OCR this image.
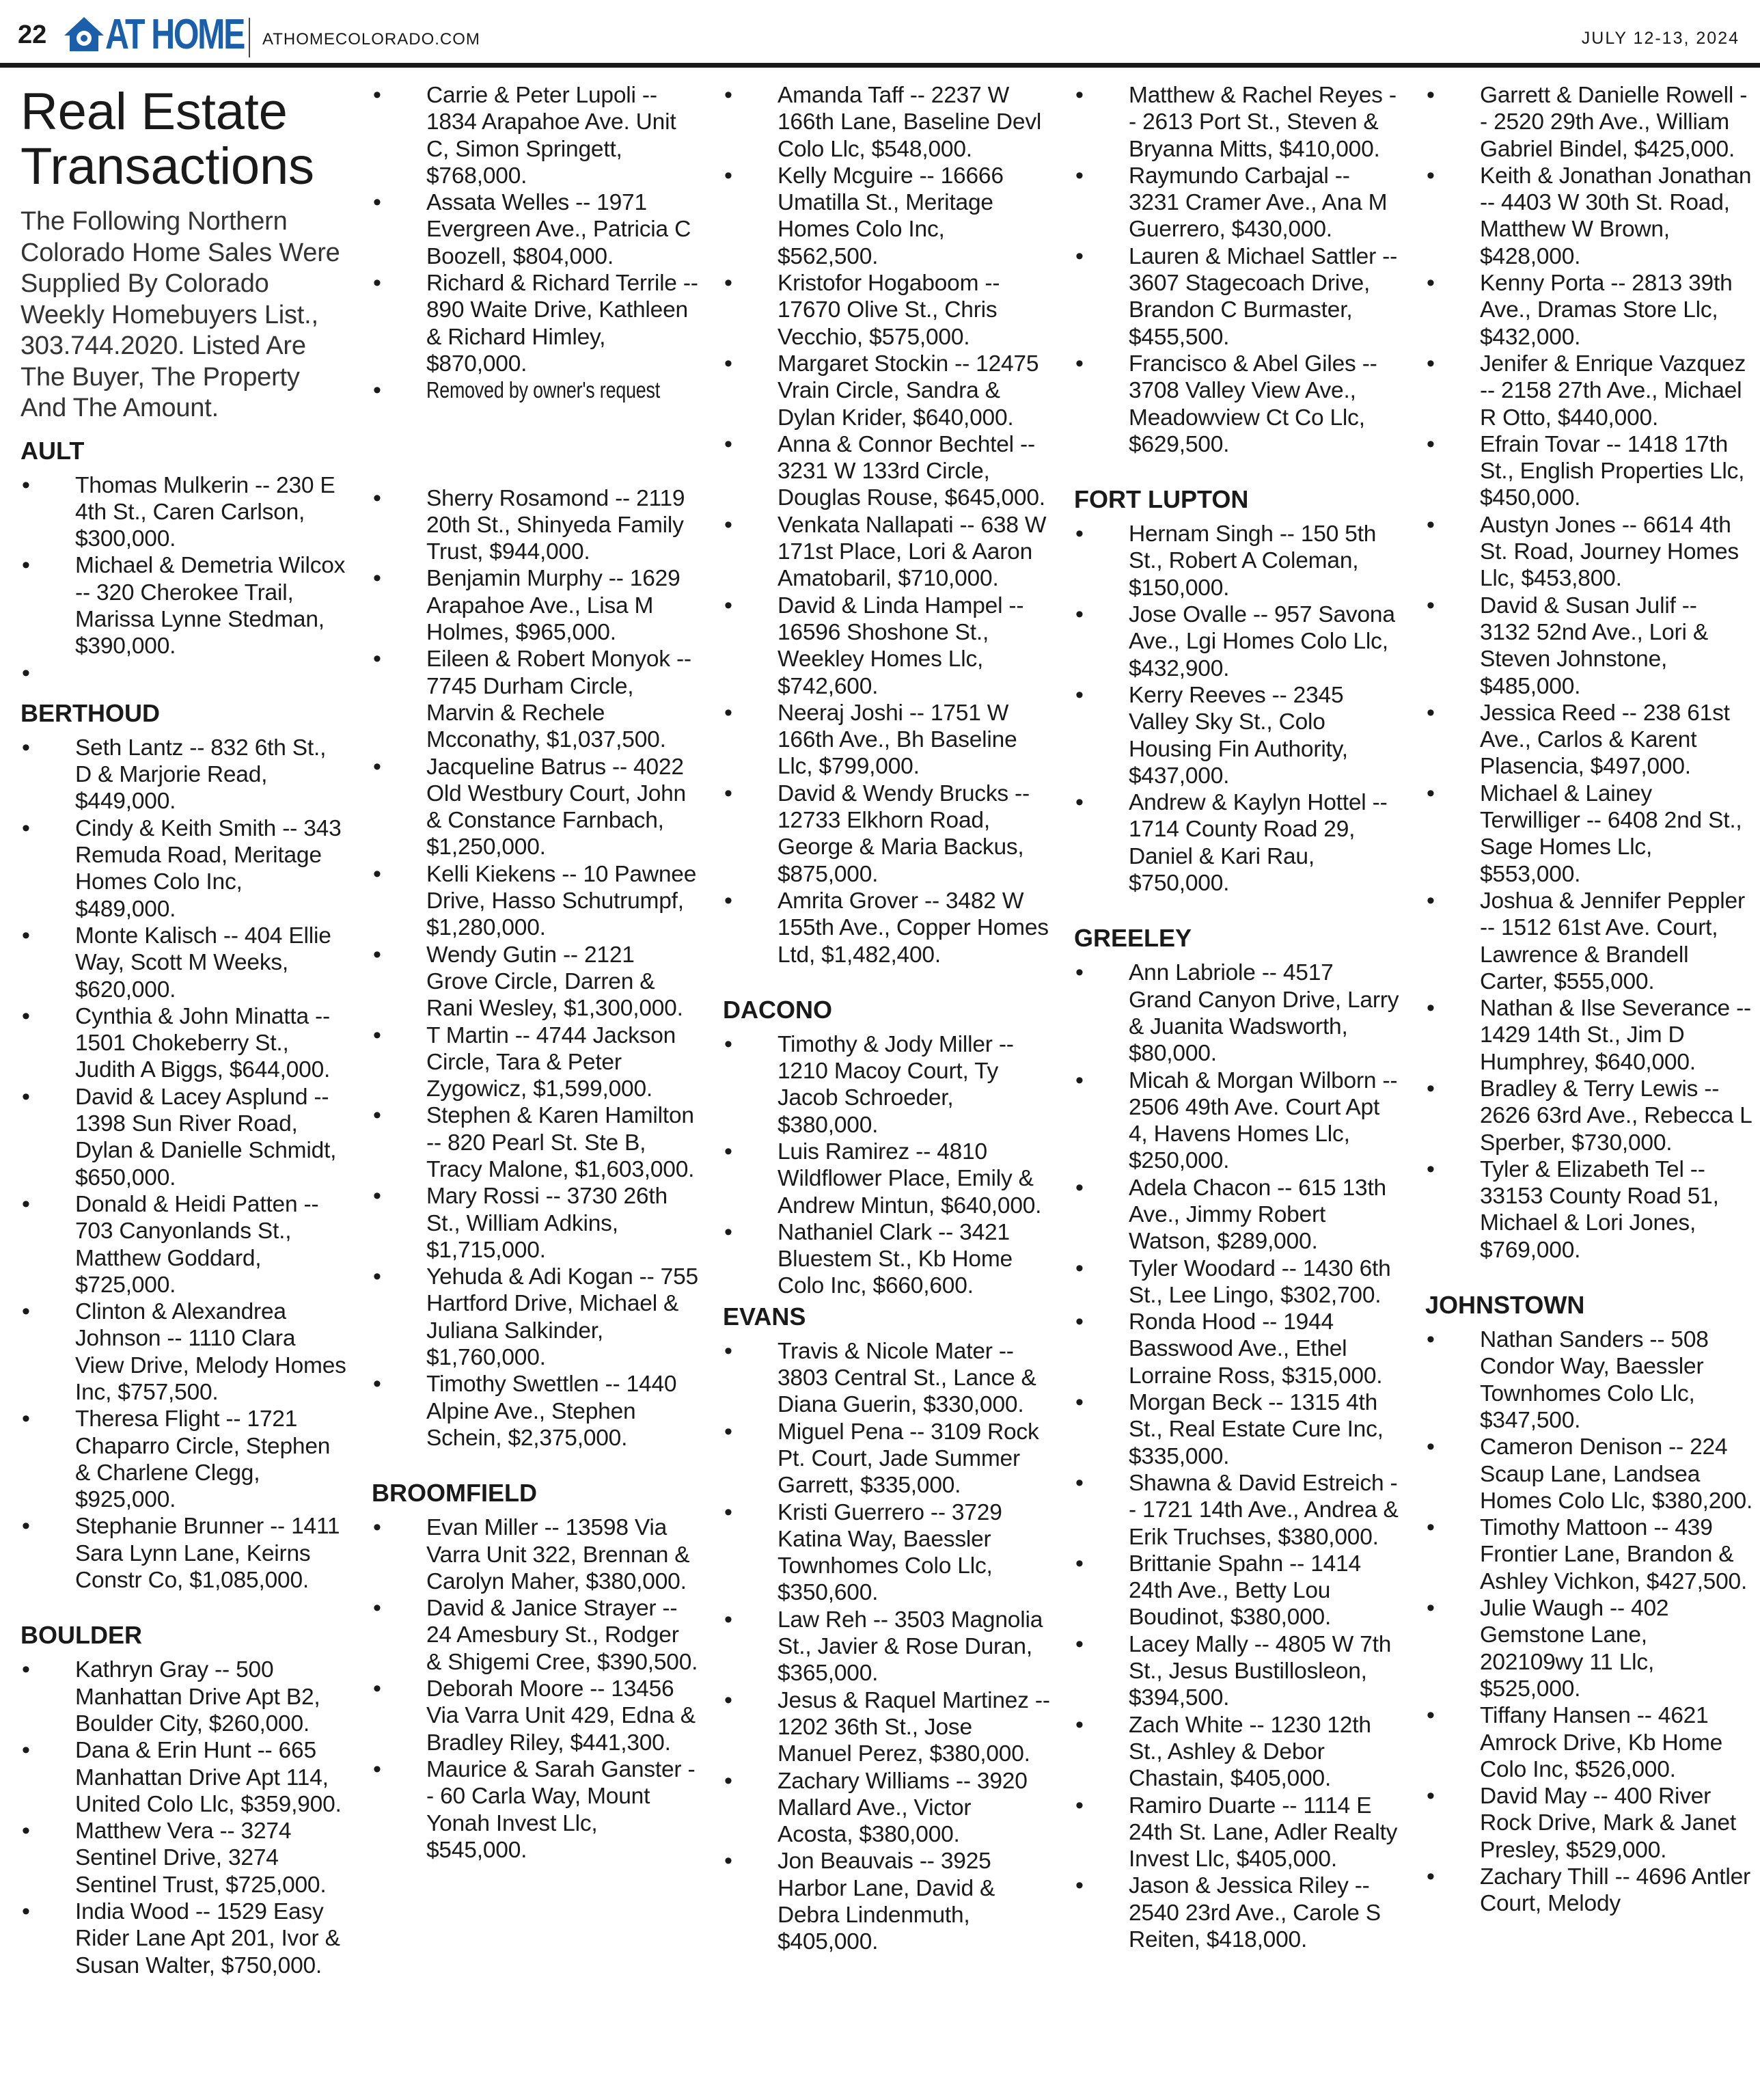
22 AT HOME ATHOMECOLORADO.COM	JULY 12-13, 2024
Real Estate
Transactions
The Following Northern Colorado Home Sales Were Supplied By Colorado Weekly Homebuyers List., 303.744.2020. Listed Are The Buyer, The Property And The Amount.
AULT
• Thomas Mulkerin -- 230 E 4th St., Caren Carlson, $300,000.
• Michael & Demetria Wilcox -- 320 Cherokee Trail, Marissa Lynne Stedman, $390,000.
•
BERTHOUD
• Seth Lantz -- 832 6th St., D & Marjorie Read, $449,000.
• Cindy & Keith Smith -- 343 Remuda Road, Meritage Homes Colo Inc, $489,000.
• Monte Kalisch -- 404 Ellie Way, Scott M Weeks, $620,000.
• Cynthia & John Minatta -- 1501 Chokeberry St., Judith A Biggs, $644,000.
• David & Lacey Asplund -- 1398 Sun River Road, Dylan & Danielle Schmidt, $650,000.
• Donald & Heidi Patten -- 703 Canyonlands St., Matthew Goddard, $725,000.
• Clinton & Alexandrea Johnson -- 1110 Clara View Drive, Melody Homes Inc, $757,500.
• Theresa Flight -- 1721 Chaparro Circle, Stephen & Charlene Clegg, $925,000.
• Stephanie Brunner -- 1411 Sara Lynn Lane, Keirns Constr Co, $1,085,000.
BOULDER
• Kathryn Gray -- 500 Manhattan Drive Apt B2, Boulder City, $260,000.
• Dana & Erin Hunt -- 665 Manhattan Drive Apt 114, United Colo Llc, $359,900.
• Matthew Vera -- 3274 Sentinel Drive, 3274 Sentinel Trust, $725,000.
• India Wood -- 1529 Easy Rider Lane Apt 201, Ivor & Susan Walter, $750,000.
• Carrie & Peter Lupoli -- 1834 Arapahoe Ave. Unit C, Simon Springett, $768,000.
• Assata Welles -- 1971 Evergreen Ave., Patricia C Boozell, $804,000.
• Richard & Richard Terrile -- 890 Waite Drive, Kathleen & Richard Himley, $870,000.
• Removed by owner's request
• Sherry Rosamond -- 2119 20th St., Shinyeda Family Trust, $944,000.
• Benjamin Murphy -- 1629 Arapahoe Ave., Lisa M Holmes, $965,000.
• Eileen & Robert Monyok -- 7745 Durham Circle, Marvin & Rechele Mcconathy, $1,037,500.
• Jacqueline Batrus -- 4022 Old Westbury Court, John & Constance Farnbach, $1,250,000.
• Kelli Kiekens -- 10 Pawnee Drive, Hasso Schutrumpf, $1,280,000.
• Wendy Gutin -- 2121 Grove Circle, Darren & Rani Wesley, $1,300,000.
• T Martin -- 4744 Jackson Circle, Tara & Peter Zygowicz, $1,599,000.
• Stephen & Karen Hamilton -- 820 Pearl St. Ste B, Tracy Malone, $1,603,000.
• Mary Rossi -- 3730 26th St., William Adkins, $1,715,000.
• Yehuda & Adi Kogan -- 755 Hartford Drive, Michael & Juliana Salkinder, $1,760,000.
• Timothy Swettlen -- 1440 Alpine Ave., Stephen Schein, $2,375,000.
BROOMFIELD
• Evan Miller -- 13598 Via Varra Unit 322, Brennan & Carolyn Maher, $380,000.
• David & Janice Strayer -- 24 Amesbury St., Rodger & Shigemi Cree, $390,500.
• Deborah Moore -- 13456 Via Varra Unit 429, Edna & Bradley Riley, $441,300.
• Maurice & Sarah Ganster -- 60 Carla Way, Mount Yonah Invest Llc, $545,000.
• Amanda Taff -- 2237 W 166th Lane, Baseline Devl Colo Llc, $548,000.
• Kelly Mcguire -- 16666 Umatilla St., Meritage Homes Colo Inc, $562,500.
• Kristofor Hogaboom -- 17670 Olive St., Chris Vecchio, $575,000.
• Margaret Stockin -- 12475 Vrain Circle, Sandra & Dylan Krider, $640,000.
• Anna & Connor Bechtel -- 3231 W 133rd Circle, Douglas Rouse, $645,000.
• Venkata Nallapati -- 638 W 171st Place, Lori & Aaron Amatobaril, $710,000.
• David & Linda Hampel -- 16596 Shoshone St., Weekley Homes Llc, $742,600.
• Neeraj Joshi -- 1751 W 166th Ave., Bh Baseline Llc, $799,000.
• David & Wendy Brucks -- 12733 Elkhorn Road, George & Maria Backus, $875,000.
• Amrita Grover -- 3482 W 155th Ave., Copper Homes Ltd, $1,482,400.
DACONO
• Timothy & Jody Miller -- 1210 Macoy Court, Ty Jacob Schroeder, $380,000.
• Luis Ramirez -- 4810 Wildflower Place, Emily & Andrew Mintun, $640,000.
• Nathaniel Clark -- 3421 Bluestem St., Kb Home Colo Inc, $660,600.
EVANS
• Travis & Nicole Mater -- 3803 Central St., Lance & Diana Guerin, $330,000.
• Miguel Pena -- 3109 Rock Pt. Court, Jade Summer Garrett, $335,000.
• Kristi Guerrero -- 3729 Katina Way, Baessler Townhomes Colo Llc, $350,600.
• Law Reh -- 3503 Magnolia St., Javier & Rose Duran, $365,000.
• Jesus & Raquel Martinez -- 1202 36th St., Jose Manuel Perez, $380,000.
• Zachary Williams -- 3920 Mallard Ave., Victor Acosta, $380,000.
• Jon Beauvais -- 3925 Harbor Lane, David & Debra Lindenmuth, $405,000.
• Matthew & Rachel Reyes -- 2613 Port St., Steven & Bryanna Mitts, $410,000.
• Raymundo Carbajal -- 3231 Cramer Ave., Ana M Guerrero, $430,000.
• Lauren & Michael Sattler -- 3607 Stagecoach Drive, Brandon C Burmaster, $455,500.
• Francisco & Abel Giles -- 3708 Valley View Ave., Meadowview Ct Co Llc, $629,500.
FORT LUPTON
• Hernam Singh -- 150 5th St., Robert A Coleman, $150,000.
• Jose Ovalle -- 957 Savona Ave., Lgi Homes Colo Llc, $432,900.
• Kerry Reeves -- 2345 Valley Sky St., Colo Housing Fin Authority, $437,000.
• Andrew & Kaylyn Hottel -- 1714 County Road 29, Daniel & Kari Rau, $750,000.
GREELEY
• Ann Labriole -- 4517 Grand Canyon Drive, Larry & Juanita Wadsworth, $80,000.
• Micah & Morgan Wilborn -- 2506 49th Ave. Court Apt 4, Havens Homes Llc, $250,000.
• Adela Chacon -- 615 13th Ave., Jimmy Robert Watson, $289,000.
• Tyler Woodard -- 1430 6th St., Lee Lingo, $302,700.
• Ronda Hood -- 1944 Basswood Ave., Ethel Lorraine Ross, $315,000.
• Morgan Beck -- 1315 4th St., Real Estate Cure Inc, $335,000.
• Shawna & David Estreich -- 1721 14th Ave., Andrea & Erik Truchses, $380,000.
• Brittanie Spahn -- 1414 24th Ave., Betty Lou Boudinot, $380,000.
• Lacey Mally -- 4805 W 7th St., Jesus Bustillosleon, $394,500.
• Zach White -- 1230 12th St., Ashley & Debor Chastain, $405,000.
• Ramiro Duarte -- 1114 E 24th St. Lane, Adler Realty Invest Llc, $405,000.
• Jason & Jessica Riley -- 2540 23rd Ave., Carole S Reiten, $418,000.
• Garrett & Danielle Rowell -- 2520 29th Ave., William Gabriel Bindel, $425,000.
• Keith & Jonathan Jonathan -- 4403 W 30th St. Road, Matthew W Brown, $428,000.
• Kenny Porta -- 2813 39th Ave., Dramas Store Llc, $432,000.
• Jenifer & Enrique Vazquez -- 2158 27th Ave., Michael R Otto, $440,000.
• Efrain Tovar -- 1418 17th St., English Properties Llc, $450,000.
• Austyn Jones -- 6614 4th St. Road, Journey Homes Llc, $453,800.
• David & Susan Julif -- 3132 52nd Ave., Lori & Steven Johnstone, $485,000.
• Jessica Reed -- 238 61st Ave., Carlos & Karent Plasencia, $497,000.
• Michael & Lainey Terwilliger -- 6408 2nd St., Sage Homes Llc, $553,000.
• Joshua & Jennifer Peppler -- 1512 61st Ave. Court, Lawrence & Brandell Carter, $555,000.
• Nathan & Ilse Severance -- 1429 14th St., Jim D Humphrey, $640,000.
• Bradley & Terry Lewis -- 2626 63rd Ave., Rebecca L Sperber, $730,000.
• Tyler & Elizabeth Tel -- 33153 County Road 51, Michael & Lori Jones, $769,000.
JOHNSTOWN
• Nathan Sanders -- 508 Condor Way, Baessler Townhomes Colo Llc, $347,500.
• Cameron Denison -- 224 Scaup Lane, Landsea Homes Colo Llc, $380,200.
• Timothy Mattoon -- 439 Frontier Lane, Brandon & Ashley Vichkon, $427,500.
• Julie Waugh -- 402 Gemstone Lane, 202109wy 11 Llc, $525,000.
• Tiffany Hansen -- 4621 Amrock Drive, Kb Home Colo Inc, $526,000.
• David May -- 400 River Rock Drive, Mark & Janet Presley, $529,000.
• Zachary Thill -- 4696 Antler Court, Melody
